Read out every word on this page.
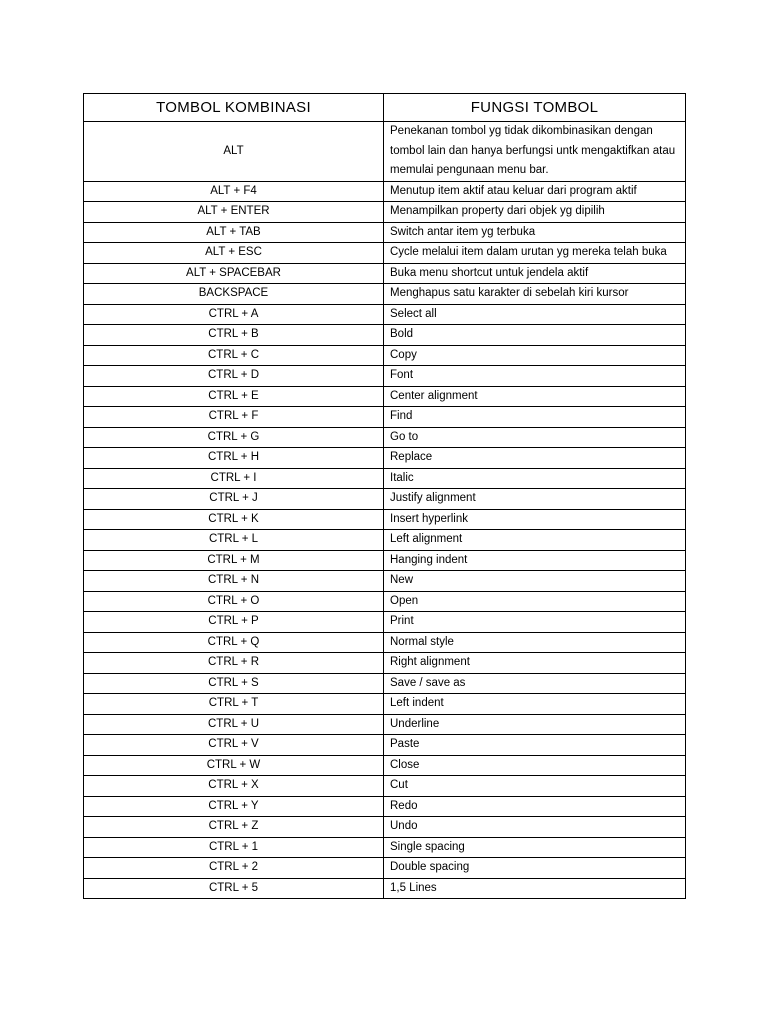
TOMBOL KOMBINASI	FUNGSI TOMBOL
ALT	Penekanan tombol yg tidak dikombinasikan dengan tombol lain dan hanya berfungsi untk mengaktifkan atau memulai pengunaan menu bar.
ALT + F4	Menutup item aktif atau keluar dari program aktif
ALT + ENTER	Menampilkan property dari objek yg dipilih
ALT + TAB	Switch antar item yg terbuka
ALT + ESC	Cycle melalui item dalam urutan yg mereka telah buka
ALT + SPACEBAR	Buka menu shortcut untuk jendela aktif
BACKSPACE	Menghapus satu karakter di sebelah kiri kursor
CTRL + A	Select all
CTRL + B	Bold
CTRL + C	Copy
CTRL + D	Font
CTRL + E	Center alignment
CTRL + F	Find
CTRL + G	Go to
CTRL + H	Replace
CTRL + I	Italic
CTRL + J	Justify alignment
CTRL + K	Insert hyperlink
CTRL + L	Left alignment
CTRL + M	Hanging indent
CTRL + N	New
CTRL + O	Open
CTRL + P	Print
CTRL + Q	Normal style
CTRL + R	Right alignment
CTRL + S	Save / save as
CTRL + T	Left indent
CTRL + U	Underline
CTRL + V	Paste
CTRL + W	Close
CTRL + X	Cut
CTRL + Y	Redo
CTRL + Z	Undo
CTRL + 1	Single spacing
CTRL + 2	Double spacing
CTRL + 5	1,5 Lines
